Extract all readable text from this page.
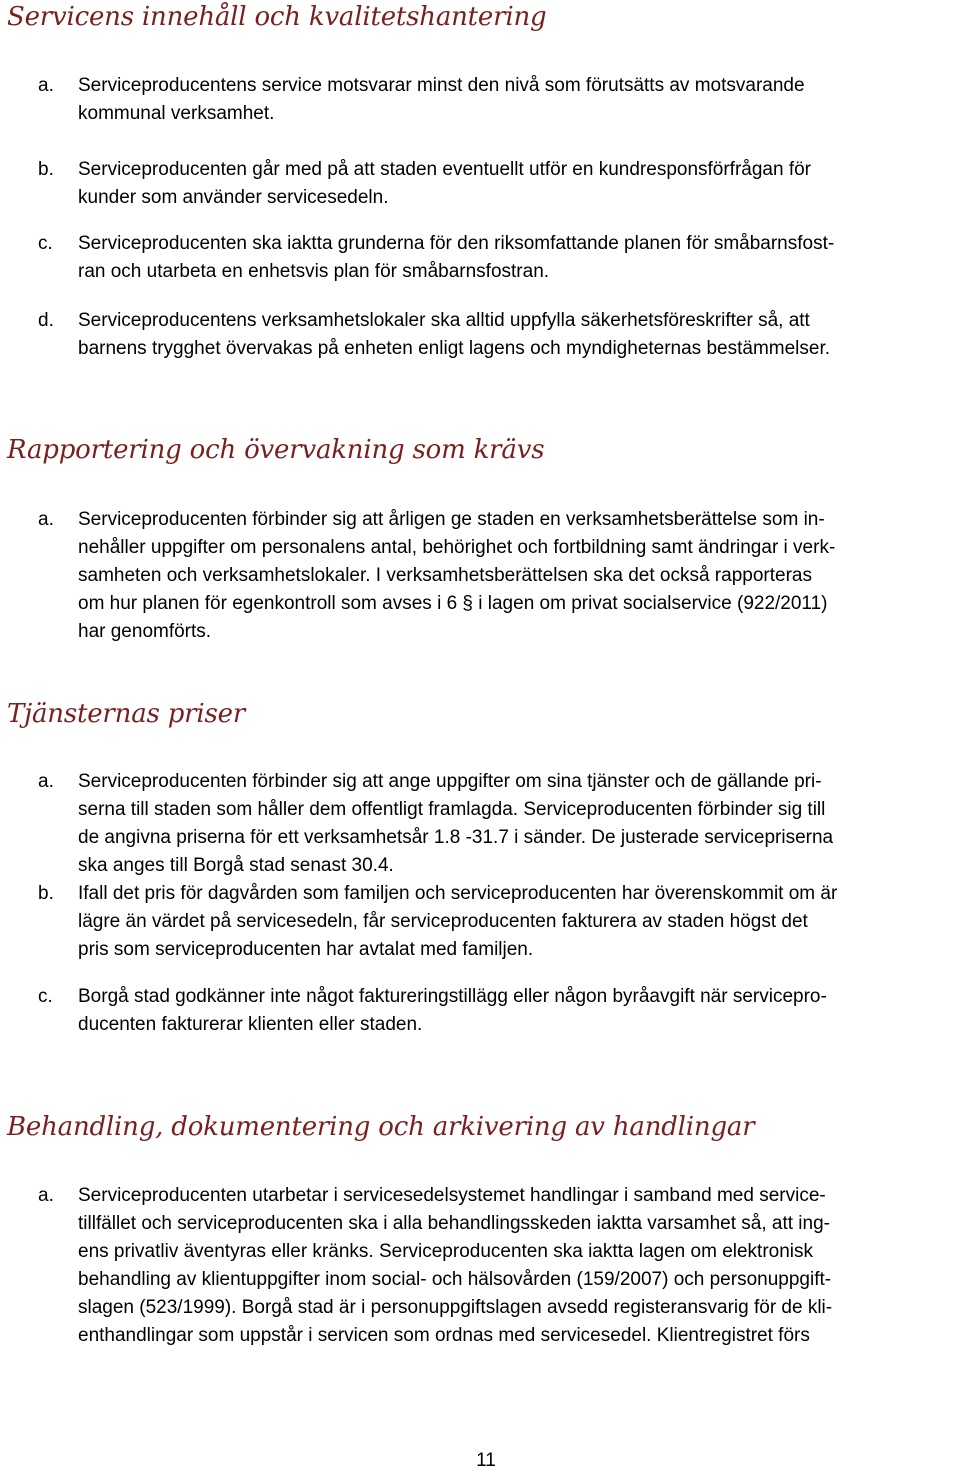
Servicens innehåll och kvalitetshantering
a.	Serviceproducentens service motsvarar minst den nivå som förutsätts av motsvarande
kommunal verksamhet.
b.	Serviceproducenten går med på att staden eventuellt utför en kundresponsförfrågan för
kunder som använder servicesedeln.
c.	Serviceproducenten ska iaktta grunderna för den riksomfattande planen för småbarnsfost-
ran och utarbeta en enhetsvis plan för småbarnsfostran.
d.	Serviceproducentens verksamhetslokaler ska alltid uppfylla säkerhetsföreskrifter så, att
barnens trygghet övervakas på enheten enligt lagens och myndigheternas bestämmelser.
Rapportering och övervakning som krävs
a.	Serviceproducenten förbinder sig att årligen ge staden en verksamhetsberättelse som in-
nehåller uppgifter om personalens antal, behörighet och fortbildning samt ändringar i verk-
samheten och verksamhetslokaler. I verksamhetsberättelsen ska det också rapporteras
om hur planen för egenkontroll som avses i 6 § i lagen om privat socialservice (922/2011)
har genomförts.
Tjänsternas priser
a.	Serviceproducenten förbinder sig att ange uppgifter om sina tjänster och de gällande pri-
serna till staden som håller dem offentligt framlagda. Serviceproducenten förbinder sig till
de angivna priserna för ett verksamhetsår 1.8 -31.7 i sänder. De justerade servicepriserna
ska anges till Borgå stad senast 30.4.
b.	Ifall det pris för dagvården som familjen och serviceproducenten har överenskommit om är
lägre än värdet på servicesedeln, får serviceproducenten fakturera av staden högst det
pris som serviceproducenten har avtalat med familjen.
c.	Borgå stad godkänner inte något faktureringstillägg eller någon byråavgift när servicepro-
ducenten fakturerar klienten eller staden.
Behandling, dokumentering och arkivering av handlingar
a.	Serviceproducenten utarbetar i servicesedelsystemet handlingar i samband med service-
tillfället och serviceproducenten ska i alla behandlingsskeden iaktta varsamhet så, att ing-
ens privatliv äventyras eller kränks. Serviceproducenten ska iaktta lagen om elektronisk
behandling av klientuppgifter inom social- och hälsovården (159/2007) och personuppgift-
slagen (523/1999). Borgå stad är i personuppgiftslagen avsedd registeransvarig för de kli-
enthandlingar som uppstår i servicen som ordnas med servicesedel. Klientregistret förs
11
